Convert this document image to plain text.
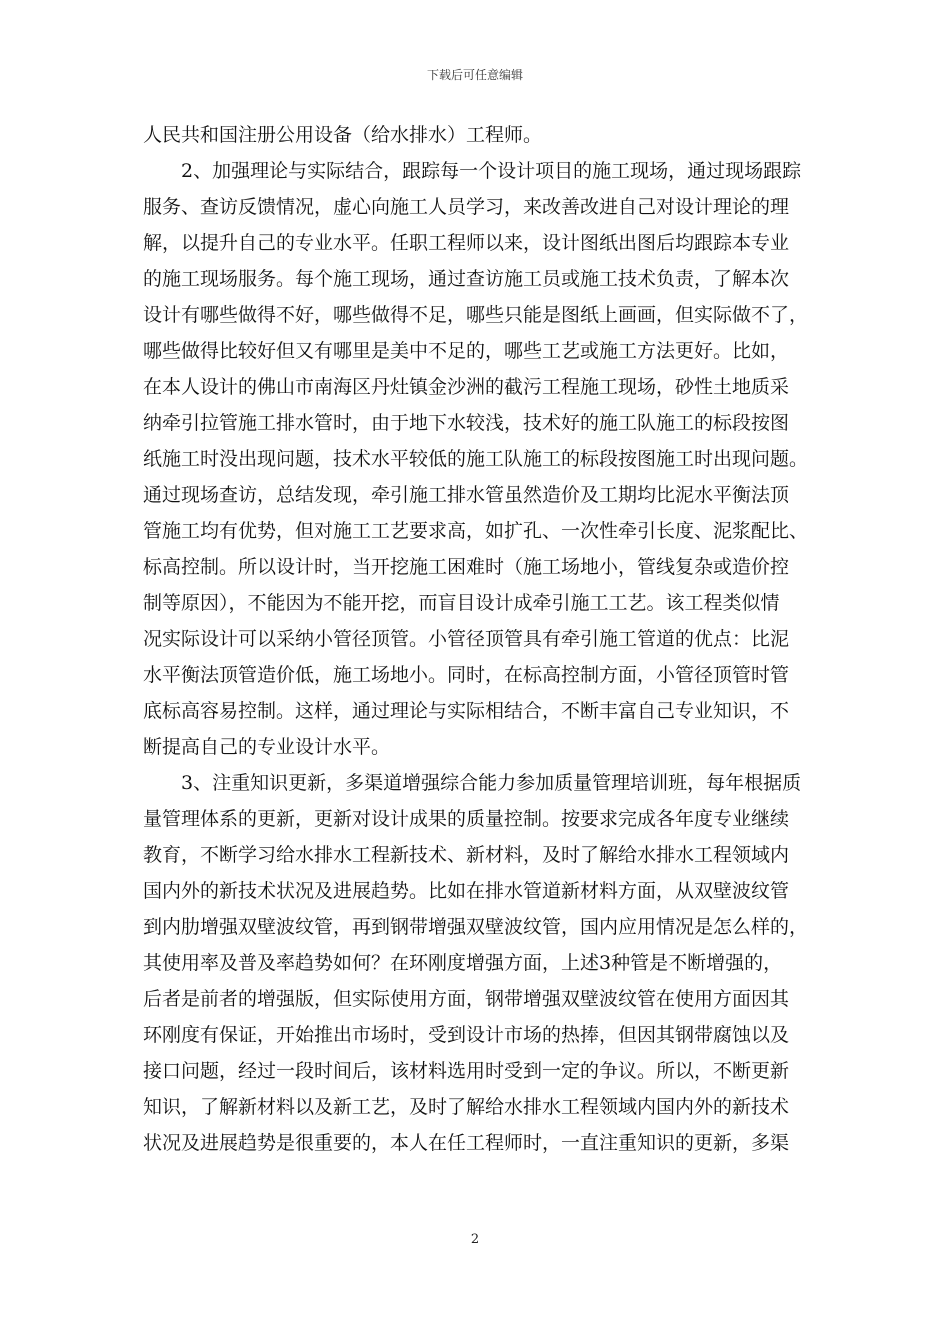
下载后可任意编辑
人民共和国注册公用设备（给水排水）工程师。
2、加强理论与实际结合，跟踪每一个设计项目的施工现场，通过现场跟踪
服务、查访反馈情况，虚心向施工人员学习，来改善改进自己对设计理论的理
解，以提升自己的专业水平。任职工程师以来，设计图纸出图后均跟踪本专业
的施工现场服务。每个施工现场，通过查访施工员或施工技术负责，了解本次
设计有哪些做得不好，哪些做得不足，哪些只能是图纸上画画，但实际做不了，
哪些做得比较好但又有哪里是美中不足的，哪些工艺或施工方法更好。比如，
在本人设计的佛山市南海区丹灶镇金沙洲的截污工程施工现场，砂性土地质采
纳牵引拉管施工排水管时，由于地下水较浅，技术好的施工队施工的标段按图
纸施工时没出现问题，技术水平较低的施工队施工的标段按图施工时出现问题。
通过现场查访，总结发现，牵引施工排水管虽然造价及工期均比泥水平衡法顶
管施工均有优势，但对施工工艺要求高，如扩孔、一次性牵引长度、泥浆配比、
标高控制。所以设计时，当开挖施工困难时（施工场地小，管线复杂或造价控
制等原因），不能因为不能开挖，而盲目设计成牵引施工工艺。该工程类似情
况实际设计可以采纳小管径顶管。小管径顶管具有牵引施工管道的优点：比泥
水平衡法顶管造价低，施工场地小。同时，在标高控制方面，小管径顶管时管
底标高容易控制。这样，通过理论与实际相结合，不断丰富自己专业知识，不
断提高自己的专业设计水平。
3、注重知识更新，多渠道增强综合能力参加质量管理培训班，每年根据质
量管理体系的更新，更新对设计成果的质量控制。按要求完成各年度专业继续
教育，不断学习给水排水工程新技术、新材料，及时了解给水排水工程领域内
国内外的新技术状况及进展趋势。比如在排水管道新材料方面，从双壁波纹管
到内肋增强双壁波纹管，再到钢带增强双壁波纹管，国内应用情况是怎么样的，
其使用率及普及率趋势如何？在环刚度增强方面，上述3种管是不断增强的，
后者是前者的增强版，但实际使用方面，钢带增强双壁波纹管在使用方面因其
环刚度有保证，开始推出市场时，受到设计市场的热捧，但因其钢带腐蚀以及
接口问题，经过一段时间后，该材料选用时受到一定的争议。所以，不断更新
知识，了解新材料以及新工艺，及时了解给水排水工程领域内国内外的新技术
状况及进展趋势是很重要的，本人在任工程师时，一直注重知识的更新，多渠
2
